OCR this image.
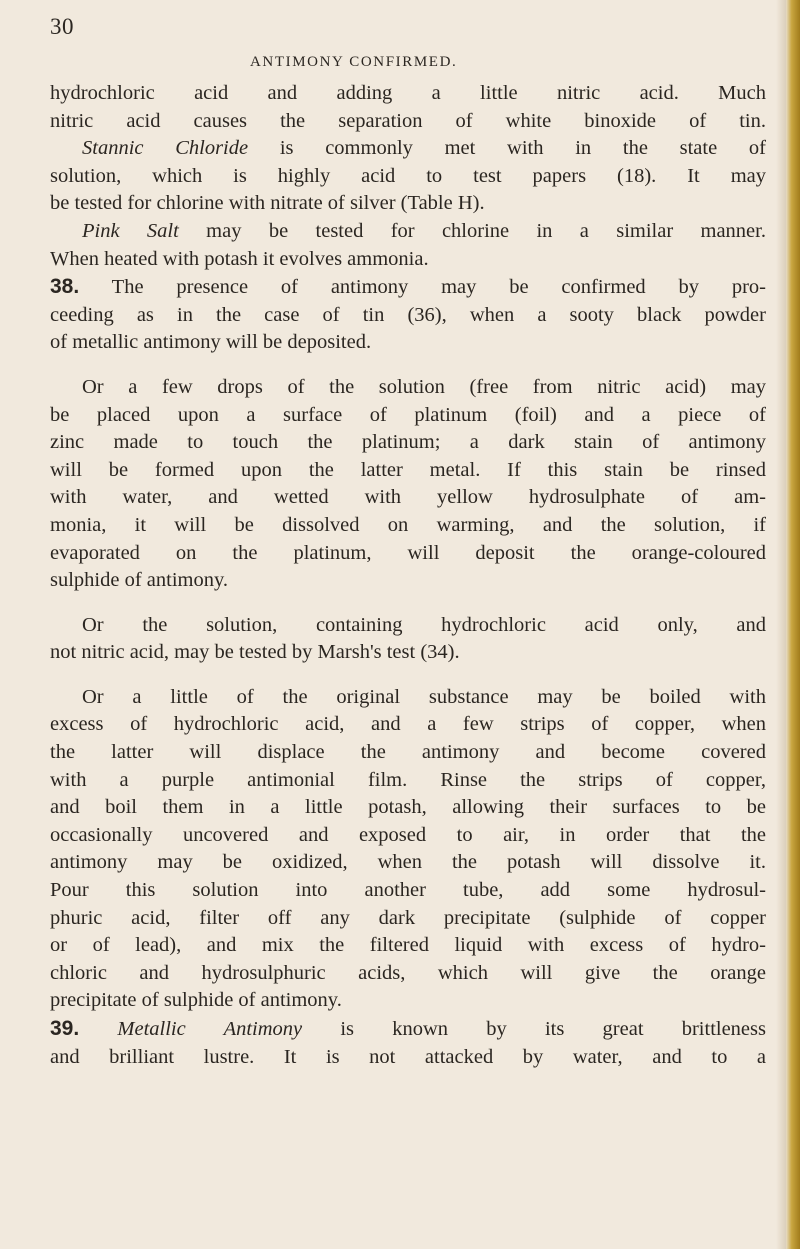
30
ANTIMONY CONFIRMED.
hydrochloric acid and adding a little nitric acid. Much
nitric acid causes the separation of white binoxide of tin.
Stannic Chloride is commonly met with in the state of
solution, which is highly acid to test papers (18). It may
be tested for chlorine with nitrate of silver (Table H).
Pink Salt may be tested for chlorine in a similar manner.
When heated with potash it evolves ammonia.
38. The presence of antimony may be confirmed by pro-
ceeding as in the case of tin (36), when a sooty black powder
of metallic antimony will be deposited.
Or a few drops of the solution (free from nitric acid) may
be placed upon a surface of platinum (foil) and a piece of
zinc made to touch the platinum; a dark stain of antimony
will be formed upon the latter metal. If this stain be rinsed
with water, and wetted with yellow hydrosulphate of am-
monia, it will be dissolved on warming, and the solution, if
evaporated on the platinum, will deposit the orange-coloured
sulphide of antimony.
Or the solution, containing hydrochloric acid only, and
not nitric acid, may be tested by Marsh's test (34).
Or a little of the original substance may be boiled with
excess of hydrochloric acid, and a few strips of copper, when
the latter will displace the antimony and become covered
with a purple antimonial film. Rinse the strips of copper,
and boil them in a little potash, allowing their surfaces to be
occasionally uncovered and exposed to air, in order that the
antimony may be oxidized, when the potash will dissolve it.
Pour this solution into another tube, add some hydrosul-
phuric acid, filter off any dark precipitate (sulphide of copper
or of lead), and mix the filtered liquid with excess of hydro-
chloric and hydrosulphuric acids, which will give the orange
precipitate of sulphide of antimony.
39. Metallic Antimony is known by its great brittleness
and brilliant lustre. It is not attacked by water, and to a
